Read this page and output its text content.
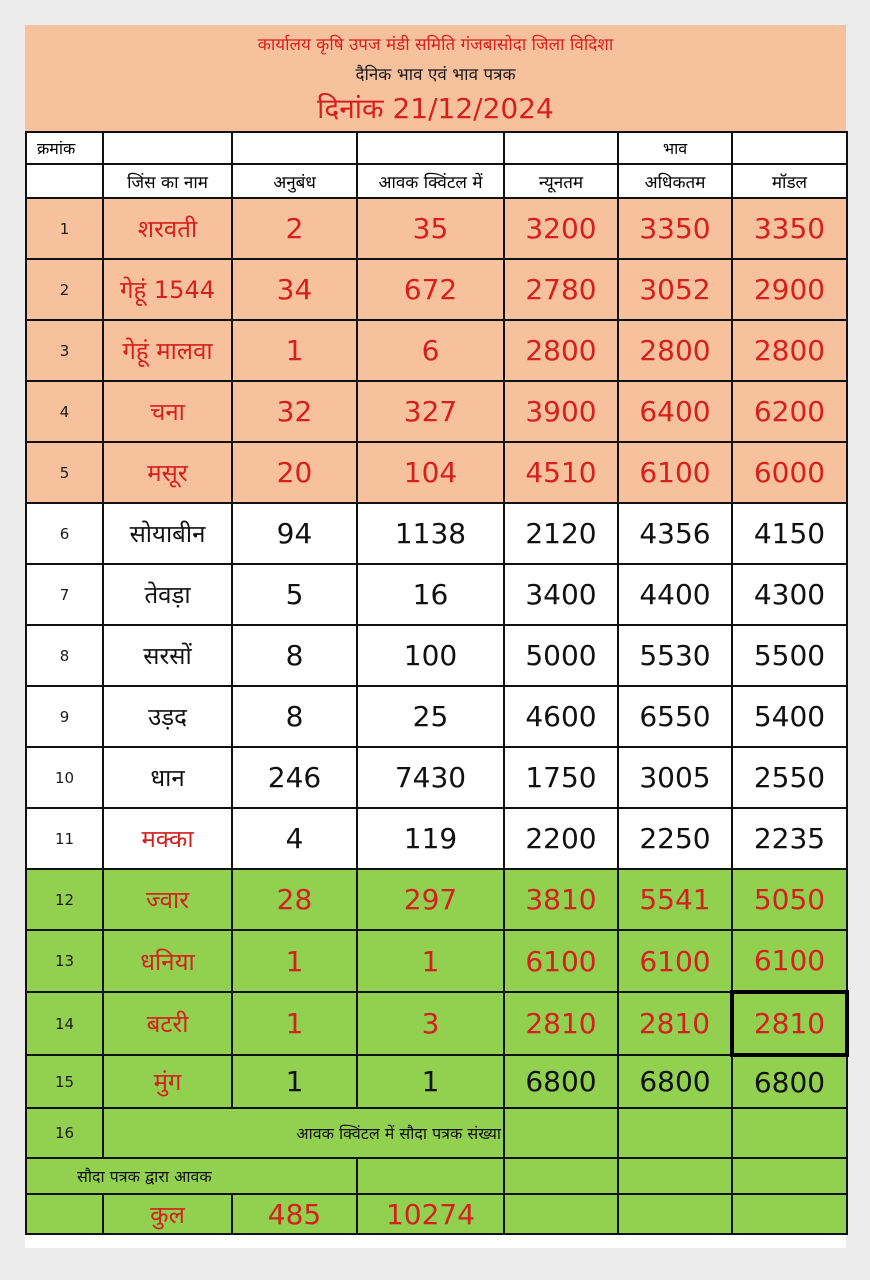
कार्यालय कृषि उपज मंडी समिति गंजबासोदा जिला विदिशा
दैनिक भाव एवं भाव पत्रक
दिनांक 21/12/2024
क्रमांक					भाव	
	जिंस का नाम	अनुबंध	आवक क्विंटल में	न्यूनतम	अधिकतम	मॉडल
1	शरवती	2	35	3200	3350	3350
2	गेहूं 1544	34	672	2780	3052	2900
3	गेहूं मालवा	1	6	2800	2800	2800
4	चना	32	327	3900	6400	6200
5	मसूर	20	104	4510	6100	6000
6	सोयाबीन	94	1138	2120	4356	4150
7	तेवड़ा	5	16	3400	4400	4300
8	सरसों	8	100	5000	5530	5500
9	उड़द	8	25	4600	6550	5400
10	धान	246	7430	1750	3005	2550
11	मक्का	4	119	2200	2250	2235
12	ज्वार	28	297	3810	5541	5050
13	धनिया	1	1	6100	6100	6100
14	बटरी	1	3	2810	2810	2810
15	मुंग	1	1	6800	6800	6800
16	आवक क्विंटल में सौदा पत्रक संख्या					
सौदा पत्रक द्वारा आवक						
	कुल	485	10274			
